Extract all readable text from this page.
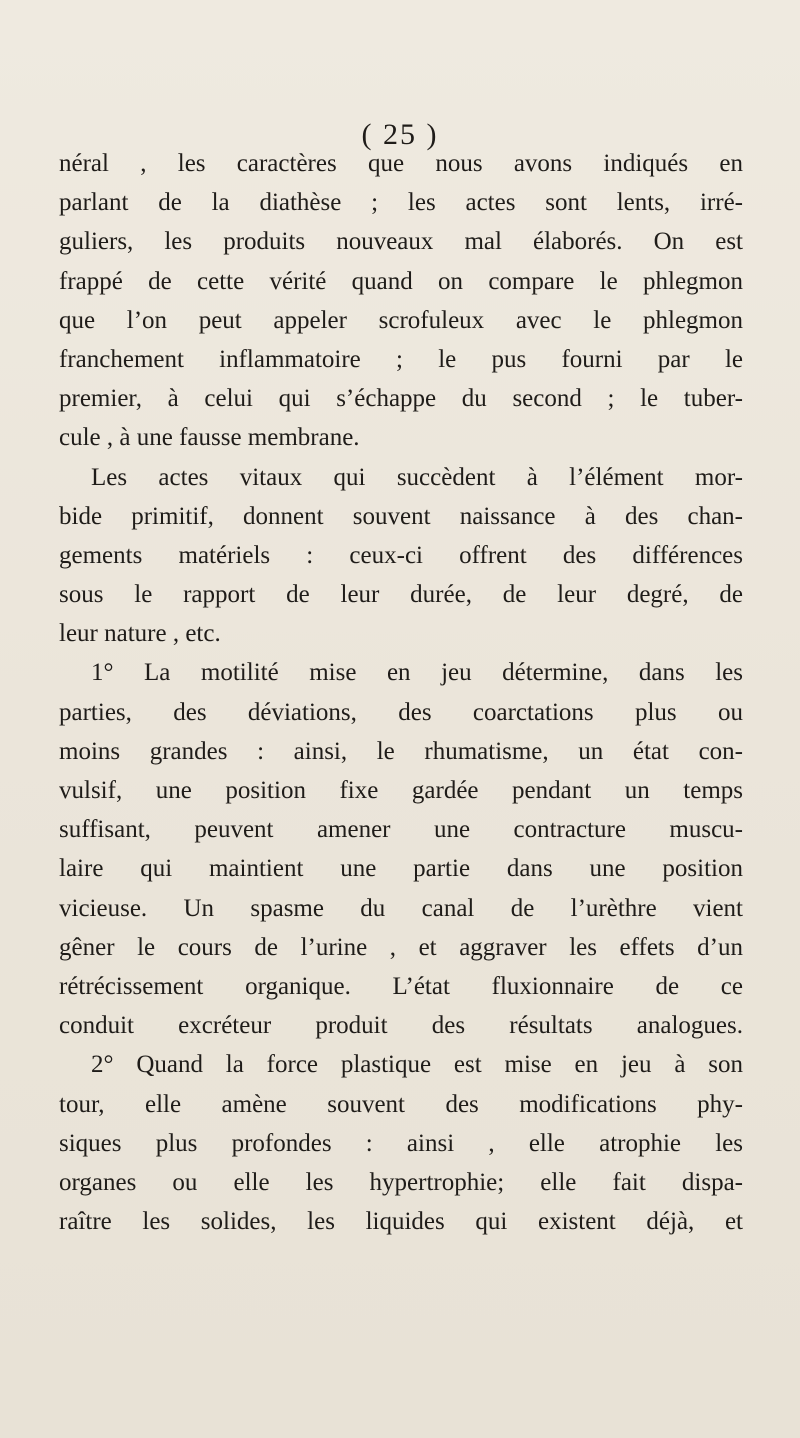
( 25 )
néral , les caractères que nous avons indiqués en
parlant de la diathèse ; les actes sont lents, irré-
guliers, les produits nouveaux mal élaborés. On est
frappé de cette vérité quand on compare le phlegmon
que l’on peut appeler scrofuleux avec le phlegmon
franchement inflammatoire ; le pus fourni par le
premier, à celui qui s’échappe du second ; le tuber-
cule , à une fausse membrane.
Les actes vitaux qui succèdent à l’élément mor-
bide primitif, donnent souvent naissance à des chan-
gements matériels : ceux-ci offrent des différences
sous le rapport de leur durée, de leur degré, de
leur nature , etc.
1° La motilité mise en jeu détermine, dans les
parties, des déviations, des coarctations plus ou
moins grandes : ainsi, le rhumatisme, un état con-
vulsif, une position fixe gardée pendant un temps
suffisant, peuvent amener une contracture muscu-
laire qui maintient une partie dans une position
vicieuse. Un spasme du canal de l’urèthre vient
gêner le cours de l’urine , et aggraver les effets d’un
rétrécissement organique. L’état fluxionnaire de ce
conduit excréteur produit des résultats analogues.
2° Quand la force plastique est mise en jeu à son
tour, elle amène souvent des modifications phy-
siques plus profondes : ainsi , elle atrophie les
organes ou elle les hypertrophie; elle fait dispa-
raître les solides, les liquides qui existent déjà, et
